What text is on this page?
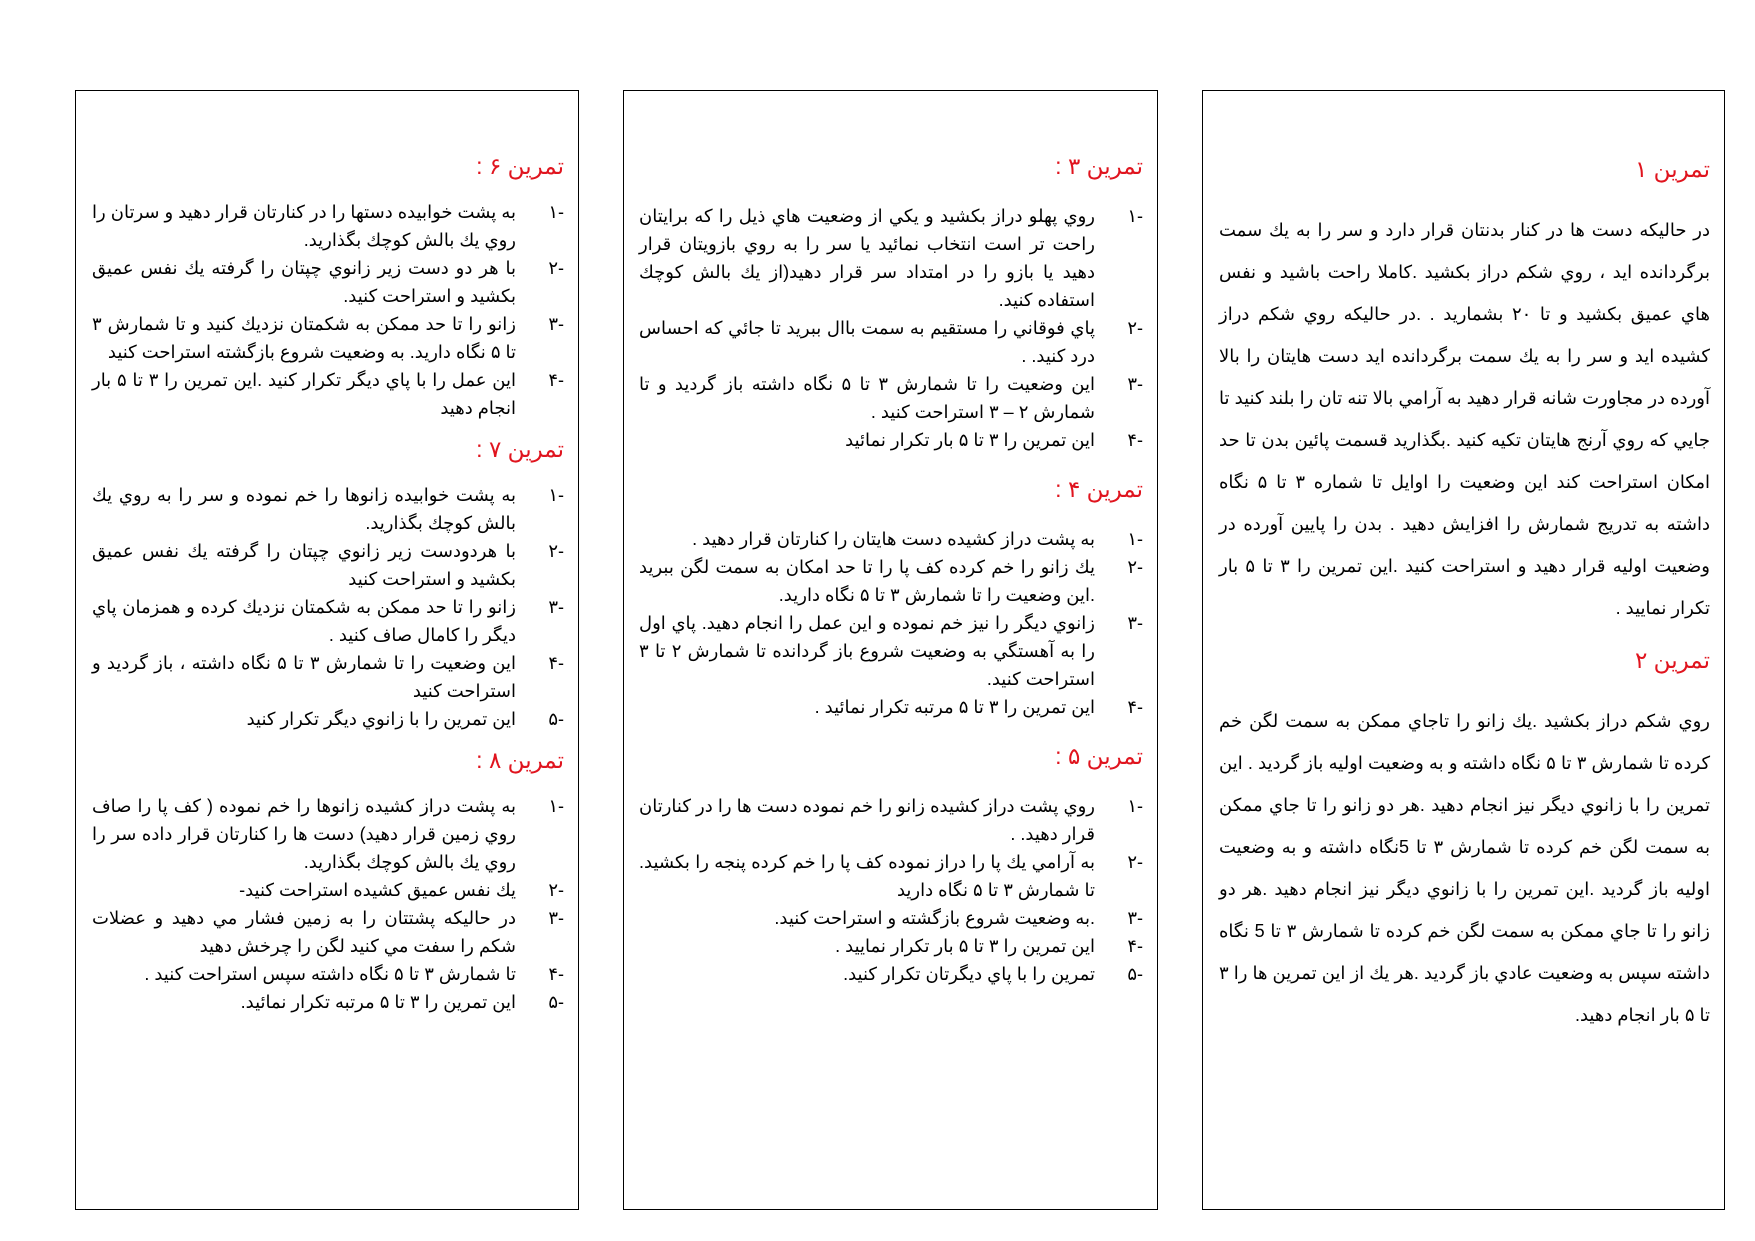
تمرين ۶ :
-۱
به پشت خوابيده دستها را در كنارتان قرار دهيد و سرتان را روي يك بالش كوچك بگذاريد.
-۲
با هر دو دست زير زانوي چپتان را گرفته يك نفس عميق بكشيد و استراحت كنيد.
-۳
زانو را تا حد ممكن به شكمتان نزديك كنيد و تا شمارش ۳ تا ۵ نگاه داريد. به وضعيت شروع بازگشته استراحت كنيد
-۴
اين عمل را با پاي ديگر تكرار كنيد .اين تمرين را ۳ تا ۵ بار انجام دهيد
تمرين ۷ :
-۱
به پشت خوابيده زانوها را خم نموده و سر را به روي يك بالش كوچك بگذاريد.
-۲
با هردودست زير زانوي چپتان را گرفته يك نفس عميق بكشيد و استراحت كنيد
-۳
زانو را تا حد ممكن به شكمتان نزديك كرده و همزمان پاي ديگر را كامال صاف كنيد .
-۴
اين وضعيت را تا شمارش ۳ تا ۵ نگاه داشته ، باز گرديد و استراحت كنيد
-۵
اين تمرين را با زانوي ديگر تكرار كنيد
تمرين ۸ :
-۱
به پشت دراز كشيده زانوها را خم نموده ( كف پا را صاف روي زمين قرار دهيد) دست ها را كنارتان قرار داده سر را روي يك بالش كوچك بگذاريد.
-۲
يك نفس عميق كشيده استراحت كنيد-
-۳
در حاليكه پشتتان را به زمين فشار مي دهيد و عضلات شكم را سفت مي كنيد لگن را چرخش دهيد
-۴
تا شمارش ۳ تا ۵ نگاه داشته سپس استراحت كنيد .
-۵
اين تمرين را ۳ تا ۵ مرتبه تكرار نمائيد.
تمرين ۳ :
-۱
روي پهلو دراز بكشيد و يكي از وضعيت هاي ذيل را كه برايتان راحت تر است انتخاب نمائيد يا سر را به روي بازويتان قرار دهيد يا بازو را در امتداد سر قرار دهيد(از يك بالش كوچك استفاده كنيد.
-۲
پاي فوقاني را مستقيم به سمت باال ببريد تا جائي كه احساس درد كنيد. .
-۳
اين وضعيت را تا شمارش ۳ تا ۵ نگاه داشته باز گرديد و تا شمارش ۲ – ۳ استراحت كنيد .
-۴
اين تمرين را ۳ تا ۵ بار تكرار نمائيد
تمرين ۴ :
-۱
به پشت دراز كشيده دست هايتان را كنارتان قرار دهيد .
-۲
يك زانو را خم كرده كف پا را تا حد امكان به سمت لگن ببريد .اين وضعيت را تا شمارش ۳ تا ۵ نگاه داريد.
-۳
زانوي ديگر را نيز خم نموده و اين عمل را انجام دهيد. پاي اول را به آهستگي به وضعيت شروع باز گردانده تا شمارش ۲ تا ۳ استراحت كنيد.
-۴
اين تمرين را ۳ تا ۵ مرتبه تكرار نمائيد .
تمرين ۵ :
-۱
روي پشت دراز كشيده زانو را خم نموده دست ها را در كنارتان قرار دهيد. .
-۲
به آرامي يك پا را دراز نموده كف پا را خم كرده پنجه را بكشيد. تا شمارش ۳ تا ۵ نگاه داريد
-۳
.به وضعيت شروع بازگشته و استراحت كنيد.
-۴
اين تمرين را ۳ تا ۵ بار تكرار نماييد .
-۵
تمرين را با پاي ديگرتان تكرار كنيد.
تمرين ۱

در حاليكه دست ها در كنار بدنتان قرار دارد و سر را به يك سمت برگردانده ايد ، روي شكم دراز بكشيد .كاملا راحت باشيد و نفس هاي عميق بكشيد و تا ۲۰ بشماريد . .در حاليكه روي شكم دراز كشيده ايد و سر را به يك سمت برگردانده ايد دست هايتان را بالا آورده در مجاورت شانه قرار دهيد به آرامي بالا تنه تان را بلند كنيد تا جايي كه روي آرنج هايتان تكيه كنيد .بگذاريد قسمت پائين بدن تا حد امكان استراحت كند اين وضعيت را اوايل تا شماره ۳ تا ۵ نگاه داشته به تدريج شمارش را افزايش دهيد . بدن را پايين آورده در وضعيت اوليه قرار دهيد و استراحت كنيد .اين تمرين را ۳ تا ۵ بار تكرار نماييد .

تمرين ۲

روي شكم دراز بكشيد .يك زانو را تاجاي ممكن به سمت لگن خم كرده تا شمارش ۳ تا ۵ نگاه داشته و به وضعيت اوليه باز گرديد . اين تمرين را با زانوي ديگر نيز انجام دهيد .هر دو زانو را تا جاي ممكن به سمت لگن خم كرده تا شمارش ۳ تا 5نگاه داشته و به وضعيت اوليه باز گرديد .اين تمرين را با زانوي ديگر نيز انجام دهيد .هر دو زانو را تا جاي ممكن به سمت لگن خم كرده تا شمارش ۳ تا 5 نگاه داشته سپس به وضعيت عادي باز گرديد .هر يك از اين تمرين ها را ۳ تا ۵ بار انجام دهيد.
